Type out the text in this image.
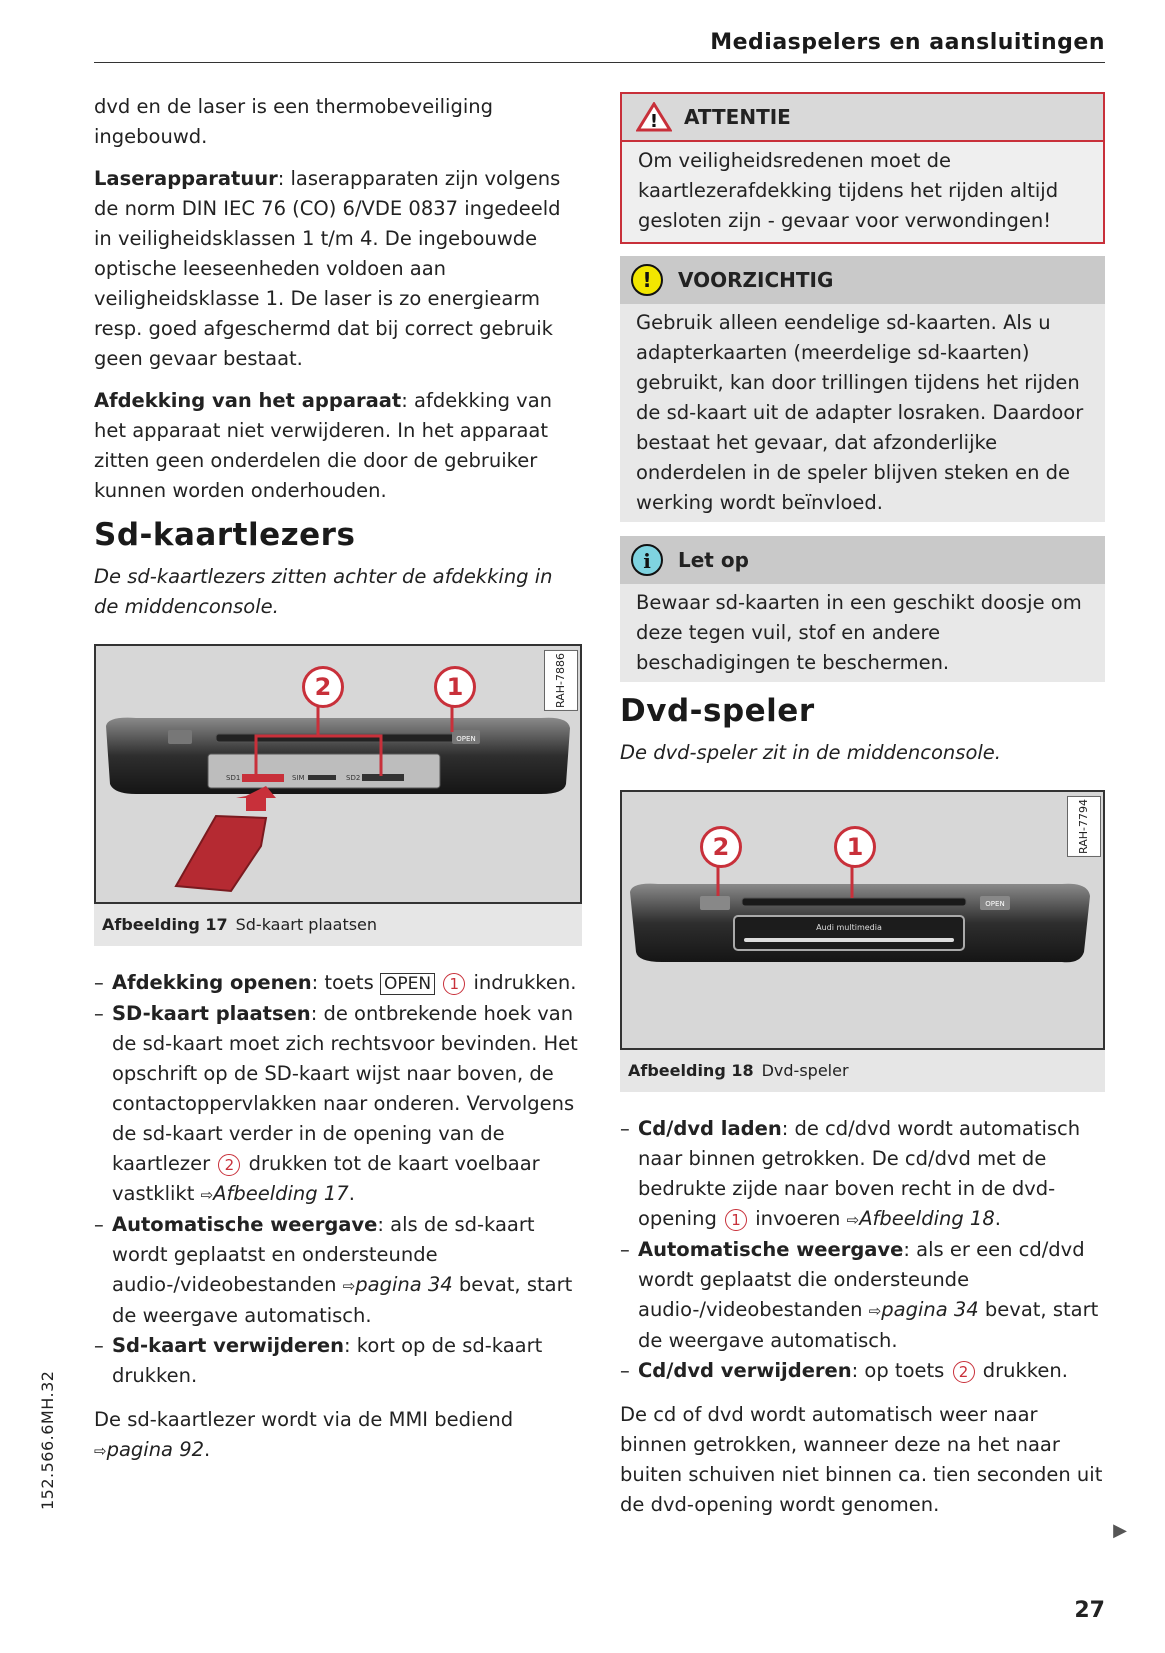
Mediaspelers en aansluitingen

dvd en de laser is een thermobeveiliging ingebouwd.

Laserapparatuur: laserapparaten zijn volgens de norm DIN IEC 76 (CO) 6/VDE 0837 ingedeeld in veiligheidsklassen 1 t/m 4. De ingebouwde optische leeseenheden voldoen aan veiligheidsklasse 1. De laser is zo energiearm resp. goed afgeschermd dat bij correct gebruik geen gevaar bestaat.

Afdekking van het apparaat: afdekking van het apparaat niet verwijderen. In het apparaat zitten geen onderdelen die door de gebruiker kunnen worden onderhouden.

Sd-kaartlezers

De sd-kaartlezers zitten achter de afdekking in de middenconsole.

RAH-7886
OPEN
SD1	SIM	SD2
2	1
Afbeelding 17 Sd-kaart plaatsen
– Afdekking openen: toets OPEN 1 indrukken.
– SD-kaart plaatsen: de ontbrekende hoek van de sd-kaart moet zich rechtsvoor bevinden. Het opschrift op de SD-kaart wijst naar boven, de contactoppervlakken naar onderen. Vervolgens de sd-kaart verder in de opening van de kaartlezer 2 drukken tot de kaart voelbaar vastklikt ⇨Afbeelding 17.
– Automatische weergave: als de sd-kaart wordt geplaatst en ondersteunde audio-/videobestanden ⇨pagina 34 bevat, start de weergave automatisch.
– Sd-kaart verwijderen: kort op de sd-kaart drukken.

De sd-kaartlezer wordt via de MMI bediend ⇨pagina 92.

! ATTENTIE
Om veiligheidsredenen moet de kaartlezerafdekking tijdens het rijden altijd gesloten zijn - gevaar voor verwondingen!
! VOORZICHTIG
Gebruik alleen eendelige sd-kaarten. Als u adapterkaarten (meerdelige sd-kaarten) gebruikt, kan door trillingen tijdens het rijden de sd-kaart uit de adapter losraken. Daardoor bestaat het gevaar, dat afzonderlijke onderdelen in de speler blijven steken en de werking wordt beïnvloed.
i Let op
Bewaar sd-kaarten in een geschikt doosje om deze tegen vuil, stof en andere beschadigingen te beschermen.
Dvd-speler

De dvd-speler zit in de middenconsole.

RAH-7794
OPEN
Audi multimedia
2	1
Afbeelding 18 Dvd-speler
– Cd/dvd laden: de cd/dvd wordt automatisch naar binnen getrokken. De cd/dvd met de bedrukte zijde naar boven recht in de dvd-opening 1 invoeren ⇨Afbeelding 18.
– Automatische weergave: als er een cd/dvd wordt geplaatst die ondersteunde audio-/videobestanden ⇨pagina 34 bevat, start de weergave automatisch.
– Cd/dvd verwijderen: op toets 2 drukken.

De cd of dvd wordt automatisch weer naar binnen getrokken, wanneer deze na het naar buiten schuiven niet binnen ca. tien seconden uit de dvd-opening wordt genomen.

152.566.6MH.32
▶
27
